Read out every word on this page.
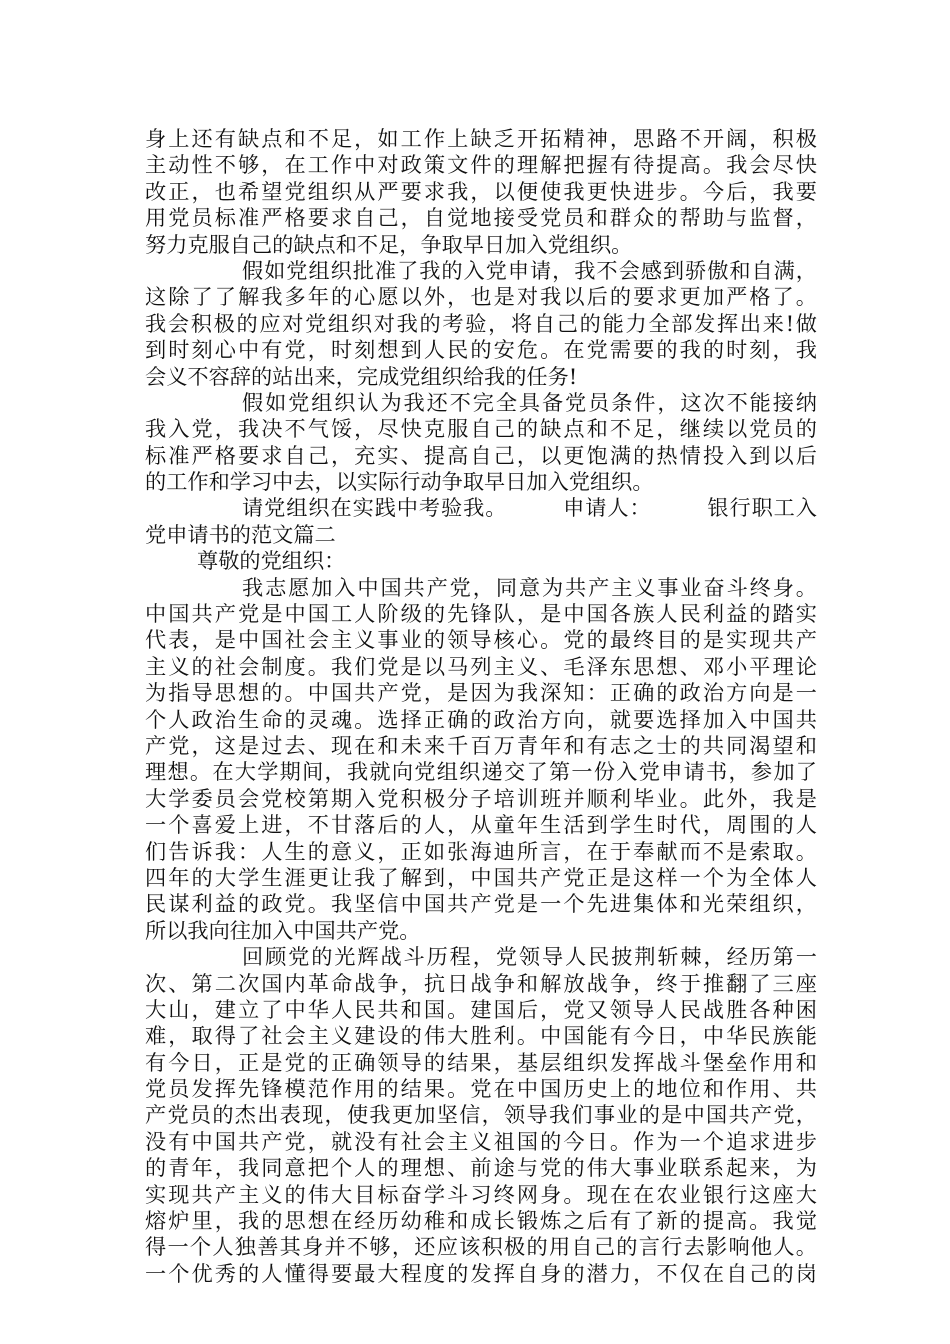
身上还有缺点和不足，如工作上缺乏开拓精神，思路不开阔，积极
主动性不够，在工作中对政策文件的理解把握有待提高。我会尽快
改正，也希望党组织从严要求我，以便使我更快进步。今后，我要
用党员标准严格要求自己，自觉地接受党员和群众的帮助与监督，
努力克服自己的缺点和不足，争取早日加入党组织。
假如党组织批准了我的入党申请，我不会感到骄傲和自满，
这除了了解我多年的心愿以外，也是对我以后的要求更加严格了。
我会积极的应对党组织对我的考验，将自己的能力全部发挥出来!做
到时刻心中有党，时刻想到人民的安危。在党需要的我的时刻，我
会义不容辞的站出来，完成党组织给我的任务!
假如党组织认为我还不完全具备党员条件，这次不能接纳
我入党，我决不气馁，尽快克服自己的缺点和不足，继续以党员的
标准严格要求自己，充实、提高自己，以更饱满的热情投入到以后
的工作和学习中去，以实际行动争取早日加入党组织。
请党组织在实践中考验我。　　　申请人：　　　银行职工入
党申请书的范文篇二
尊敬的党组织：
我志愿加入中国共产党，同意为共产主义事业奋斗终身。
中国共产党是中国工人阶级的先锋队，是中国各族人民利益的踏实
代表，是中国社会主义事业的领导核心。党的最终目的是实现共产
主义的社会制度。我们党是以马列主义、毛泽东思想、邓小平理论
为指导思想的。中国共产党，是因为我深知：正确的政治方向是一
个人政治生命的灵魂。选择正确的政治方向，就要选择加入中国共
产党，这是过去、现在和未来千百万青年和有志之士的共同渴望和
理想。在大学期间，我就向党组织递交了第一份入党申请书，参加了
大学委员会党校第期入党积极分子培训班并顺利毕业。此外，我是
一个喜爱上进，不甘落后的人，从童年生活到学生时代，周围的人
们告诉我：人生的意义，正如张海迪所言，在于奉献而不是索取。
四年的大学生涯更让我了解到，中国共产党正是这样一个为全体人
民谋利益的政党。我坚信中国共产党是一个先进集体和光荣组织，
所以我向往加入中国共产党。
回顾党的光辉战斗历程，党领导人民披荆斩棘，经历第一
次、第二次国内革命战争，抗日战争和解放战争，终于推翻了三座
大山，建立了中华人民共和国。建国后，党又领导人民战胜各种困
难，取得了社会主义建设的伟大胜利。中国能有今日，中华民族能
有今日，正是党的正确领导的结果，基层组织发挥战斗堡垒作用和
党员发挥先锋模范作用的结果。党在中国历史上的地位和作用、共
产党员的杰出表现，使我更加坚信，领导我们事业的是中国共产党，
没有中国共产党，就没有社会主义祖国的今日。作为一个追求进步
的青年，我同意把个人的理想、前途与党的伟大事业联系起来，为
实现共产主义的伟大目标奋学斗习终网身。现在在农业银行这座大
熔炉里，我的思想在经历幼稚和成长锻炼之后有了新的提高。我觉
得一个人独善其身并不够，还应该积极的用自己的言行去影响他人。
一个优秀的人懂得要最大程度的发挥自身的潜力，不仅在自己的岗
